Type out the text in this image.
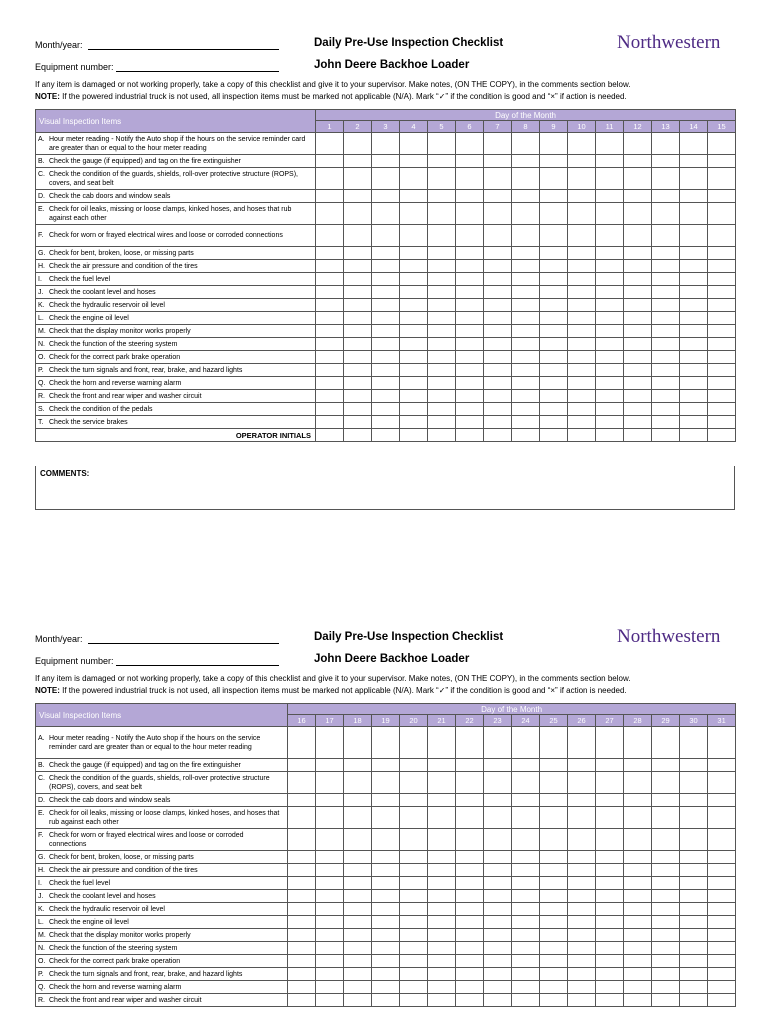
Month/year:
Equipment number:
Daily Pre-Use Inspection Checklist
John Deere Backhoe Loader
Northwestern
If any item is damaged or not working properly, take a copy of this checklist and give it to your supervisor. Make notes, (ON THE COPY), in the comments section below.
NOTE: If the powered industrial truck is not used, all inspection items must be marked not applicable (N/A). Mark “✓” if the condition is good and “×” if action is needed.
Visual Inspection Items	Day of the Month														
	1	2	3	4	5	6	7	8	9	10	11	12	13	14	15
A. Hour meter reading - Notify the Auto shop if the hours on the service reminder card are greater than or equal to the hour meter reading															
B. Check the gauge (if equipped) and tag on the fire extinguisher															
C. Check the condition of the guards, shields, roll-over protective structure (ROPS), covers, and seat belt															
D. Check the cab doors and window seals															
E. Check for oil leaks, missing or loose clamps, kinked hoses, and hoses that rub against each other															
F. Check for worn or frayed electrical wires and loose or corroded connections															
G. Check for bent, broken, loose, or missing parts															
H. Check the air pressure and condition of the tires															
I. Check the fuel level															
J. Check the coolant level and hoses															
K. Check the hydraulic reservoir oil level															
L. Check the engine oil level															
M. Check that the display monitor works properly															
N. Check the function of the steering system															
O. Check for the correct park brake operation															
P. Check the turn signals and front, rear, brake, and hazard lights															
Q. Check the horn and reverse warning alarm															
R. Check the front and rear wiper and washer circuit															
S. Check the condition of the pedals															
T. Check the service brakes															
OPERATOR INITIALS															
COMMENTS:
Month/year:
Equipment number:
Daily Pre-Use Inspection Checklist
John Deere Backhoe Loader
Northwestern
If any item is damaged or not working properly, take a copy of this checklist and give it to your supervisor. Make notes, (ON THE COPY), in the comments section below.
NOTE: If the powered industrial truck is not used, all inspection items must be marked not applicable (N/A). Mark “✓” if the condition is good and “×” if action is needed.
Visual Inspection Items	Day of the Month															
	16	17	18	19	20	21	22	23	24	25	26	27	28	29	30	31
A. Hour meter reading - Notify the Auto shop if the hours on the service reminder card are greater than or equal to the hour meter reading																
B. Check the gauge (if equipped) and tag on the fire extinguisher																
C. Check the condition of the guards, shields, roll-over protective structure (ROPS), covers, and seat belt																
D. Check the cab doors and window seals																
E. Check for oil leaks, missing or loose clamps, kinked hoses, and hoses that rub against each other																
F. Check for worn or frayed electrical wires and loose or corroded connections																
G. Check for bent, broken, loose, or missing parts																
H. Check the air pressure and condition of the tires																
I. Check the fuel level																
J. Check the coolant level and hoses																
K. Check the hydraulic reservoir oil level																
L. Check the engine oil level																
M. Check that the display monitor works properly																
N. Check the function of the steering system																
O. Check for the correct park brake operation																
P. Check the turn signals and front, rear, brake, and hazard lights																
Q. Check the horn and reverse warning alarm																
R. Check the front and rear wiper and washer circuit																
